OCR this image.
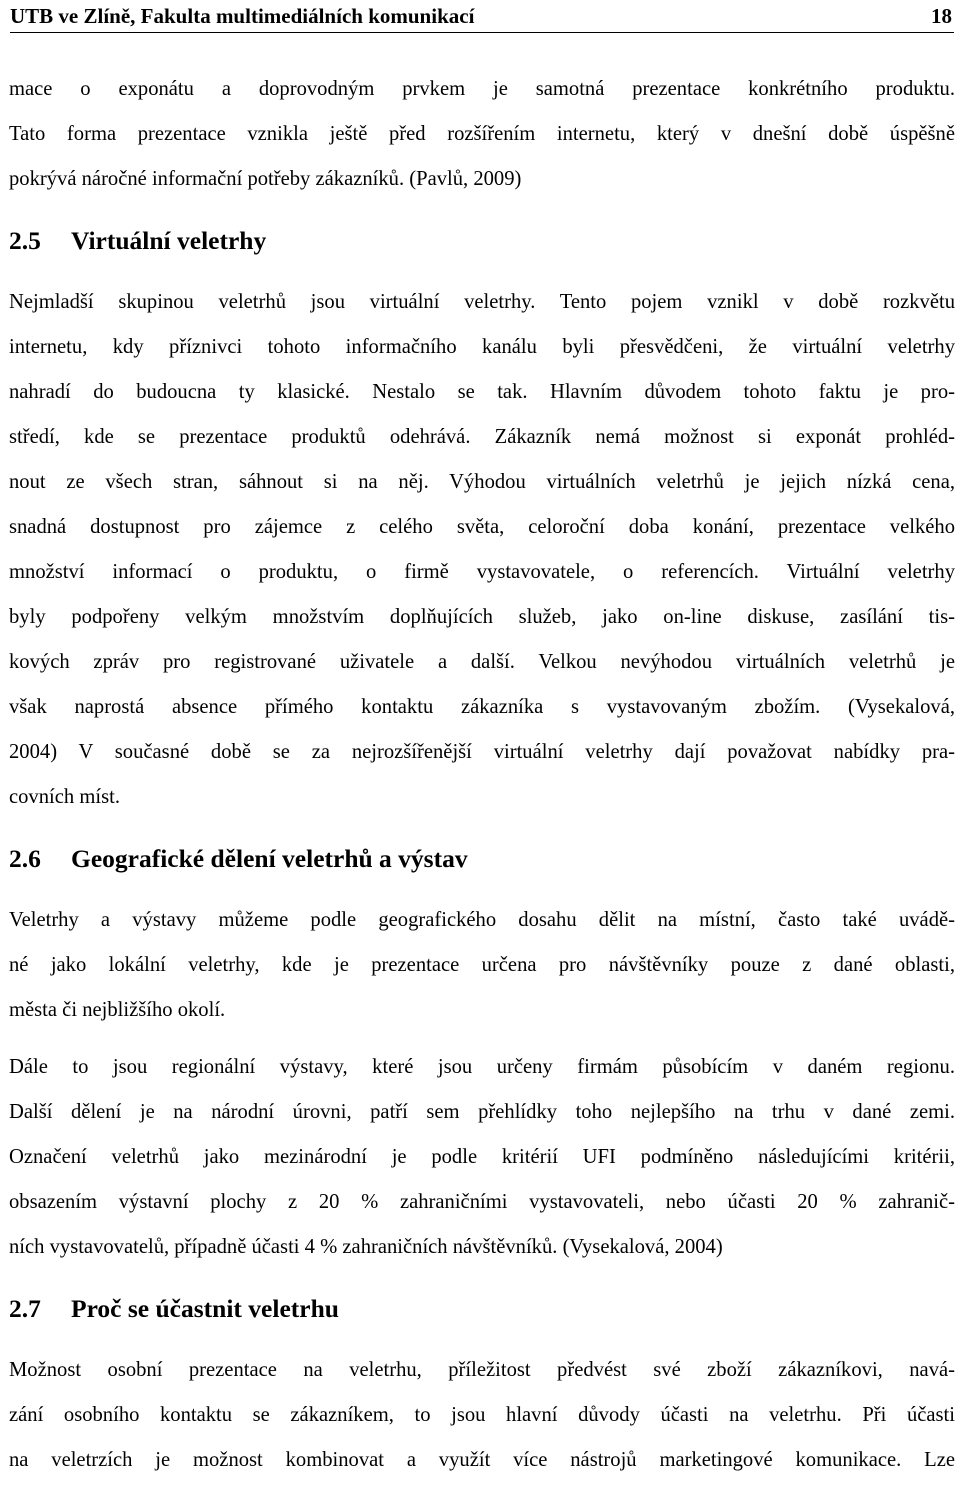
UTB ve Zlíně, Fakulta multimediálních komunikací	18
mace o exponátu a doprovodným prvkem je samotná prezentace konkrétního produktu.
Tato forma prezentace vznikla ještě před rozšířením internetu, který v dnešní době úspěšně
pokrývá náročné informační potřeby zákazníků. (Pavlů, 2009)
2.5 Virtuální veletrhy
Nejmladší skupinou veletrhů jsou virtuální veletrhy. Tento pojem vznikl v době rozkvětu
internetu, kdy příznivci tohoto informačního kanálu byli přesvědčeni, že virtuální veletrhy
nahradí do budoucna ty klasické. Nestalo se tak. Hlavním důvodem tohoto faktu je pro-
středí, kde se prezentace produktů odehrává. Zákazník nemá možnost si exponát prohléd-
nout ze všech stran, sáhnout si na něj. Výhodou virtuálních veletrhů je jejich nízká cena,
snadná dostupnost pro zájemce z celého světa, celoroční doba konání, prezentace velkého
množství informací o produktu, o firmě vystavovatele, o referencích. Virtuální veletrhy
byly podpořeny velkým množstvím doplňujících služeb, jako on-line diskuse, zasílání tis-
kových zpráv pro registrované uživatele a další. Velkou nevýhodou virtuálních veletrhů je
však naprostá absence přímého kontaktu zákazníka s vystavovaným zbožím. (Vysekalová,
2004) V současné době se za nejrozšířenější virtuální veletrhy dají považovat nabídky pra-
covních míst.
2.6 Geografické dělení veletrhů a výstav
Veletrhy a výstavy můžeme podle geografického dosahu dělit na místní, často také uvádě-
né jako lokální veletrhy, kde je prezentace určena pro návštěvníky pouze z dané oblasti,
města či nejbližšího okolí.
Dále to jsou regionální výstavy, které jsou určeny firmám působícím v daném regionu.
Další dělení je na národní úrovni, patří sem přehlídky toho nejlepšího na trhu v dané zemi.
Označení veletrhů jako mezinárodní je podle kritérií UFI podmíněno následujícími kritérii,
obsazením výstavní plochy z 20 % zahraničními vystavovateli, nebo účasti 20 % zahranič-
ních vystavovatelů, případně účasti 4 % zahraničních návštěvníků. (Vysekalová, 2004)
2.7 Proč se účastnit veletrhu
Možnost osobní prezentace na veletrhu, příležitost předvést své zboží zákazníkovi, navá-
zání osobního kontaktu se zákazníkem, to jsou hlavní důvody účasti na veletrhu. Při účasti
na veletrzích je možnost kombinovat a využít více nástrojů marketingové komunikace. Lze
